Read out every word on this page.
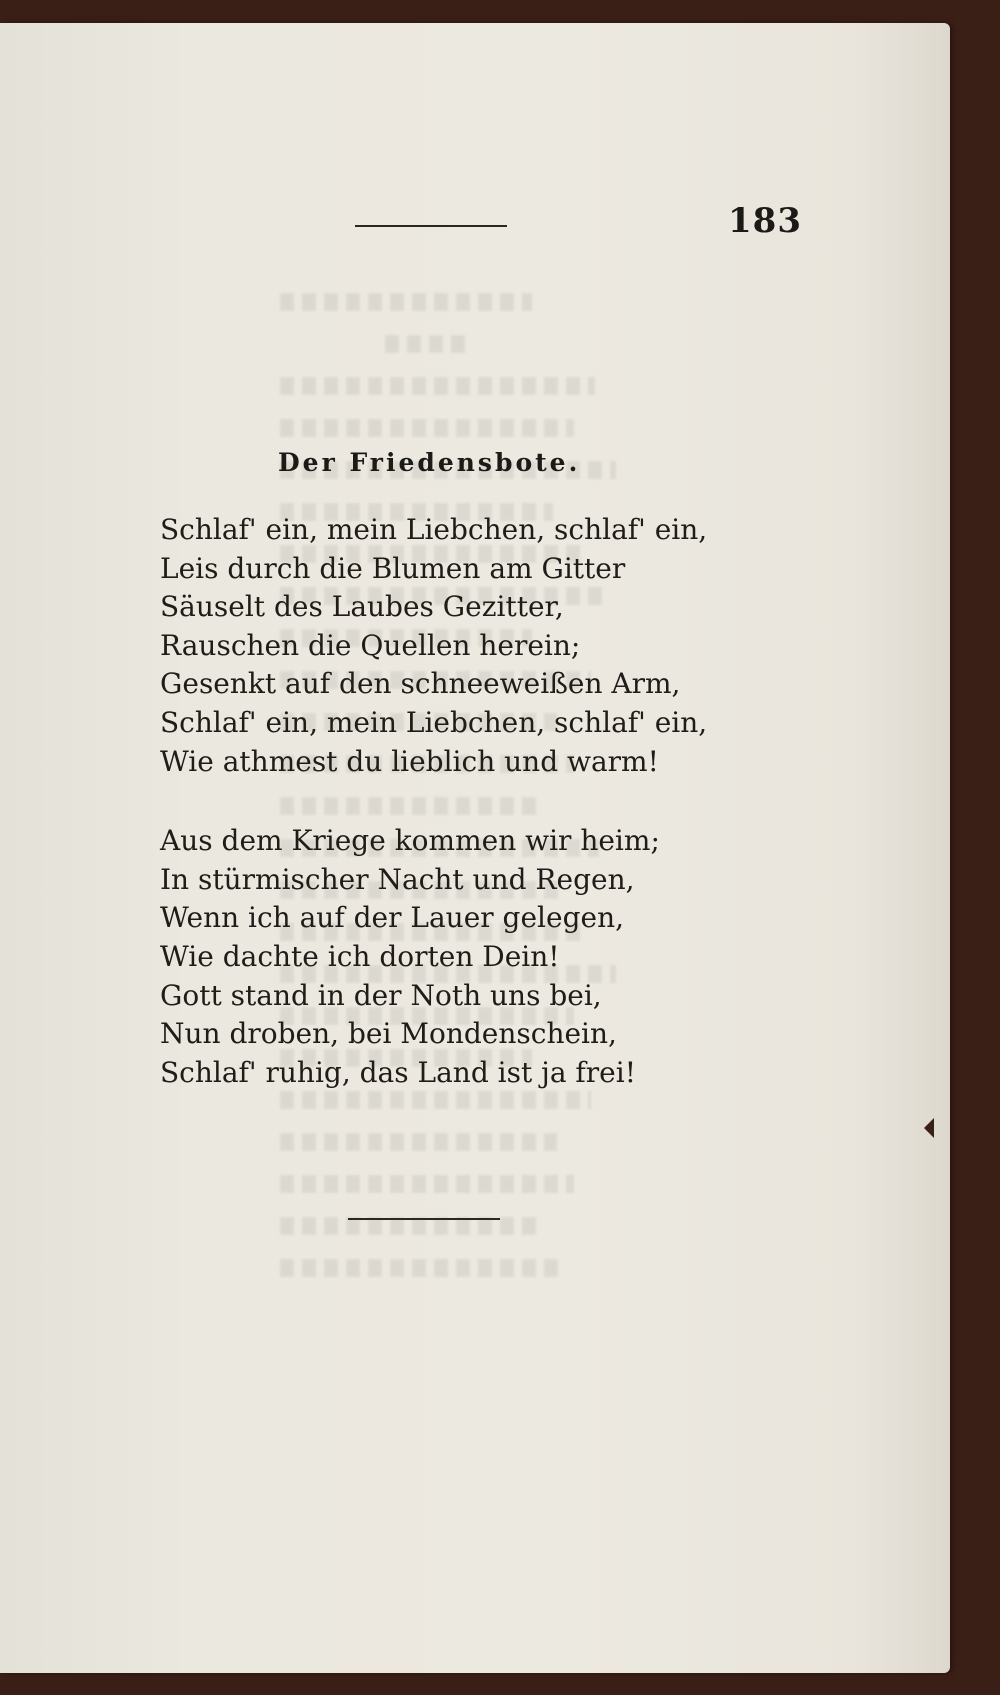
183
Der Friedensbote.
Schlaf' ein, mein Liebchen, schlaf' ein,
Leis durch die Blumen am Gitter
Säuselt des Laubes Gezitter,
Rauschen die Quellen herein;
Gesenkt auf den schneeweißen Arm,
Schlaf' ein, mein Liebchen, schlaf' ein,
Wie athmest du lieblich und warm!
Aus dem Kriege kommen wir heim;
In stürmischer Nacht und Regen,
Wenn ich auf der Lauer gelegen,
Wie dachte ich dorten Dein!
Gott stand in der Noth uns bei,
Nun droben, bei Mondenschein,
Schlaf' ruhig, das Land ist ja frei!
